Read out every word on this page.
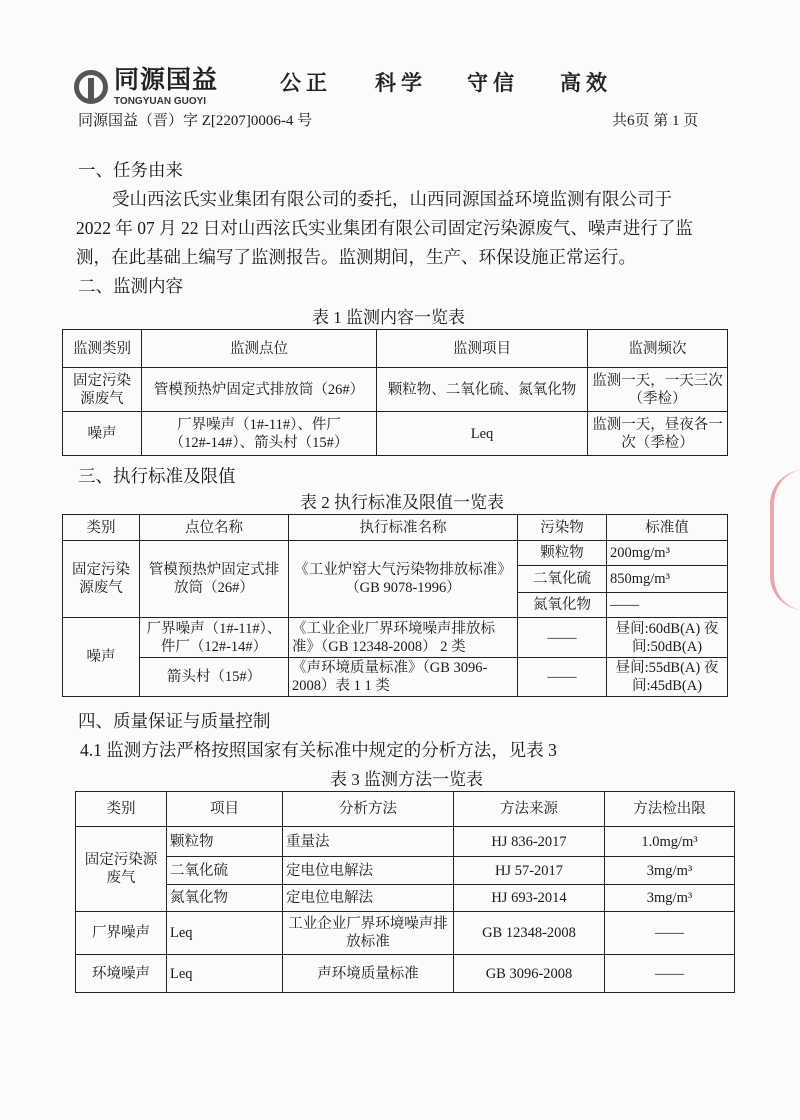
同源国益
TONGYUAN GUOYI
公正 科学 守信 高效
同源国益（晋）字 Z[2207]0006-4 号	共6页 第 1 页
一、任务由来
受山西泫氏实业集团有限公司的委托，山西同源国益环境监测有限公司于
2022 年 07 月 22 日对山西泫氏实业集团有限公司固定污染源废气、噪声进行了监
测，在此基础上编写了监测报告。监测期间，生产、环保设施正常运行。
二、监测内容
表 1 监测内容一览表
监测类别	监测点位	监测项目	监测频次
固定污染源废气	管模预热炉固定式排放筒（26#）	颗粒物、二氧化硫、氮氧化物	监测一天，一天三次（季检）
噪声	厂界噪声（1#-11#）、件厂（12#-14#）、箭头村（15#）	Leq	监测一天，昼夜各一次（季检）
三、执行标准及限值
表 2 执行标准及限值一览表
类别	点位名称	执行标准名称	污染物	标准值
固定污染源废气	管模预热炉固定式排放筒（26#）	《工业炉窑大气污染物排放标准》（GB 9078-1996）	颗粒物	200mg/m³
			二氧化硫	850mg/m³
			氮氧化物	——
噪声	厂界噪声（1#-11#）、件厂（12#-14#）	《工业企业厂界环境噪声排放标准》（GB 12348-2008） 2 类	——	昼间:60dB(A) 夜间:50dB(A)
	箭头村（15#）	《声环境质量标准》（GB 3096-2008）表 1 1 类	——	昼间:55dB(A) 夜间:45dB(A)
四、质量保证与质量控制
4.1 监测方法严格按照国家有关标准中规定的分析方法，见表 3
表 3 监测方法一览表
类别	项目	分析方法	方法来源	方法检出限
固定污染源废气	颗粒物	重量法	HJ 836-2017	1.0mg/m³
	二氧化硫	定电位电解法	HJ 57-2017	3mg/m³
	氮氧化物	定电位电解法	HJ 693-2014	3mg/m³
厂界噪声	Leq	工业企业厂界环境噪声排放标准	GB 12348-2008	——
环境噪声	Leq	声环境质量标准	GB 3096-2008	——
